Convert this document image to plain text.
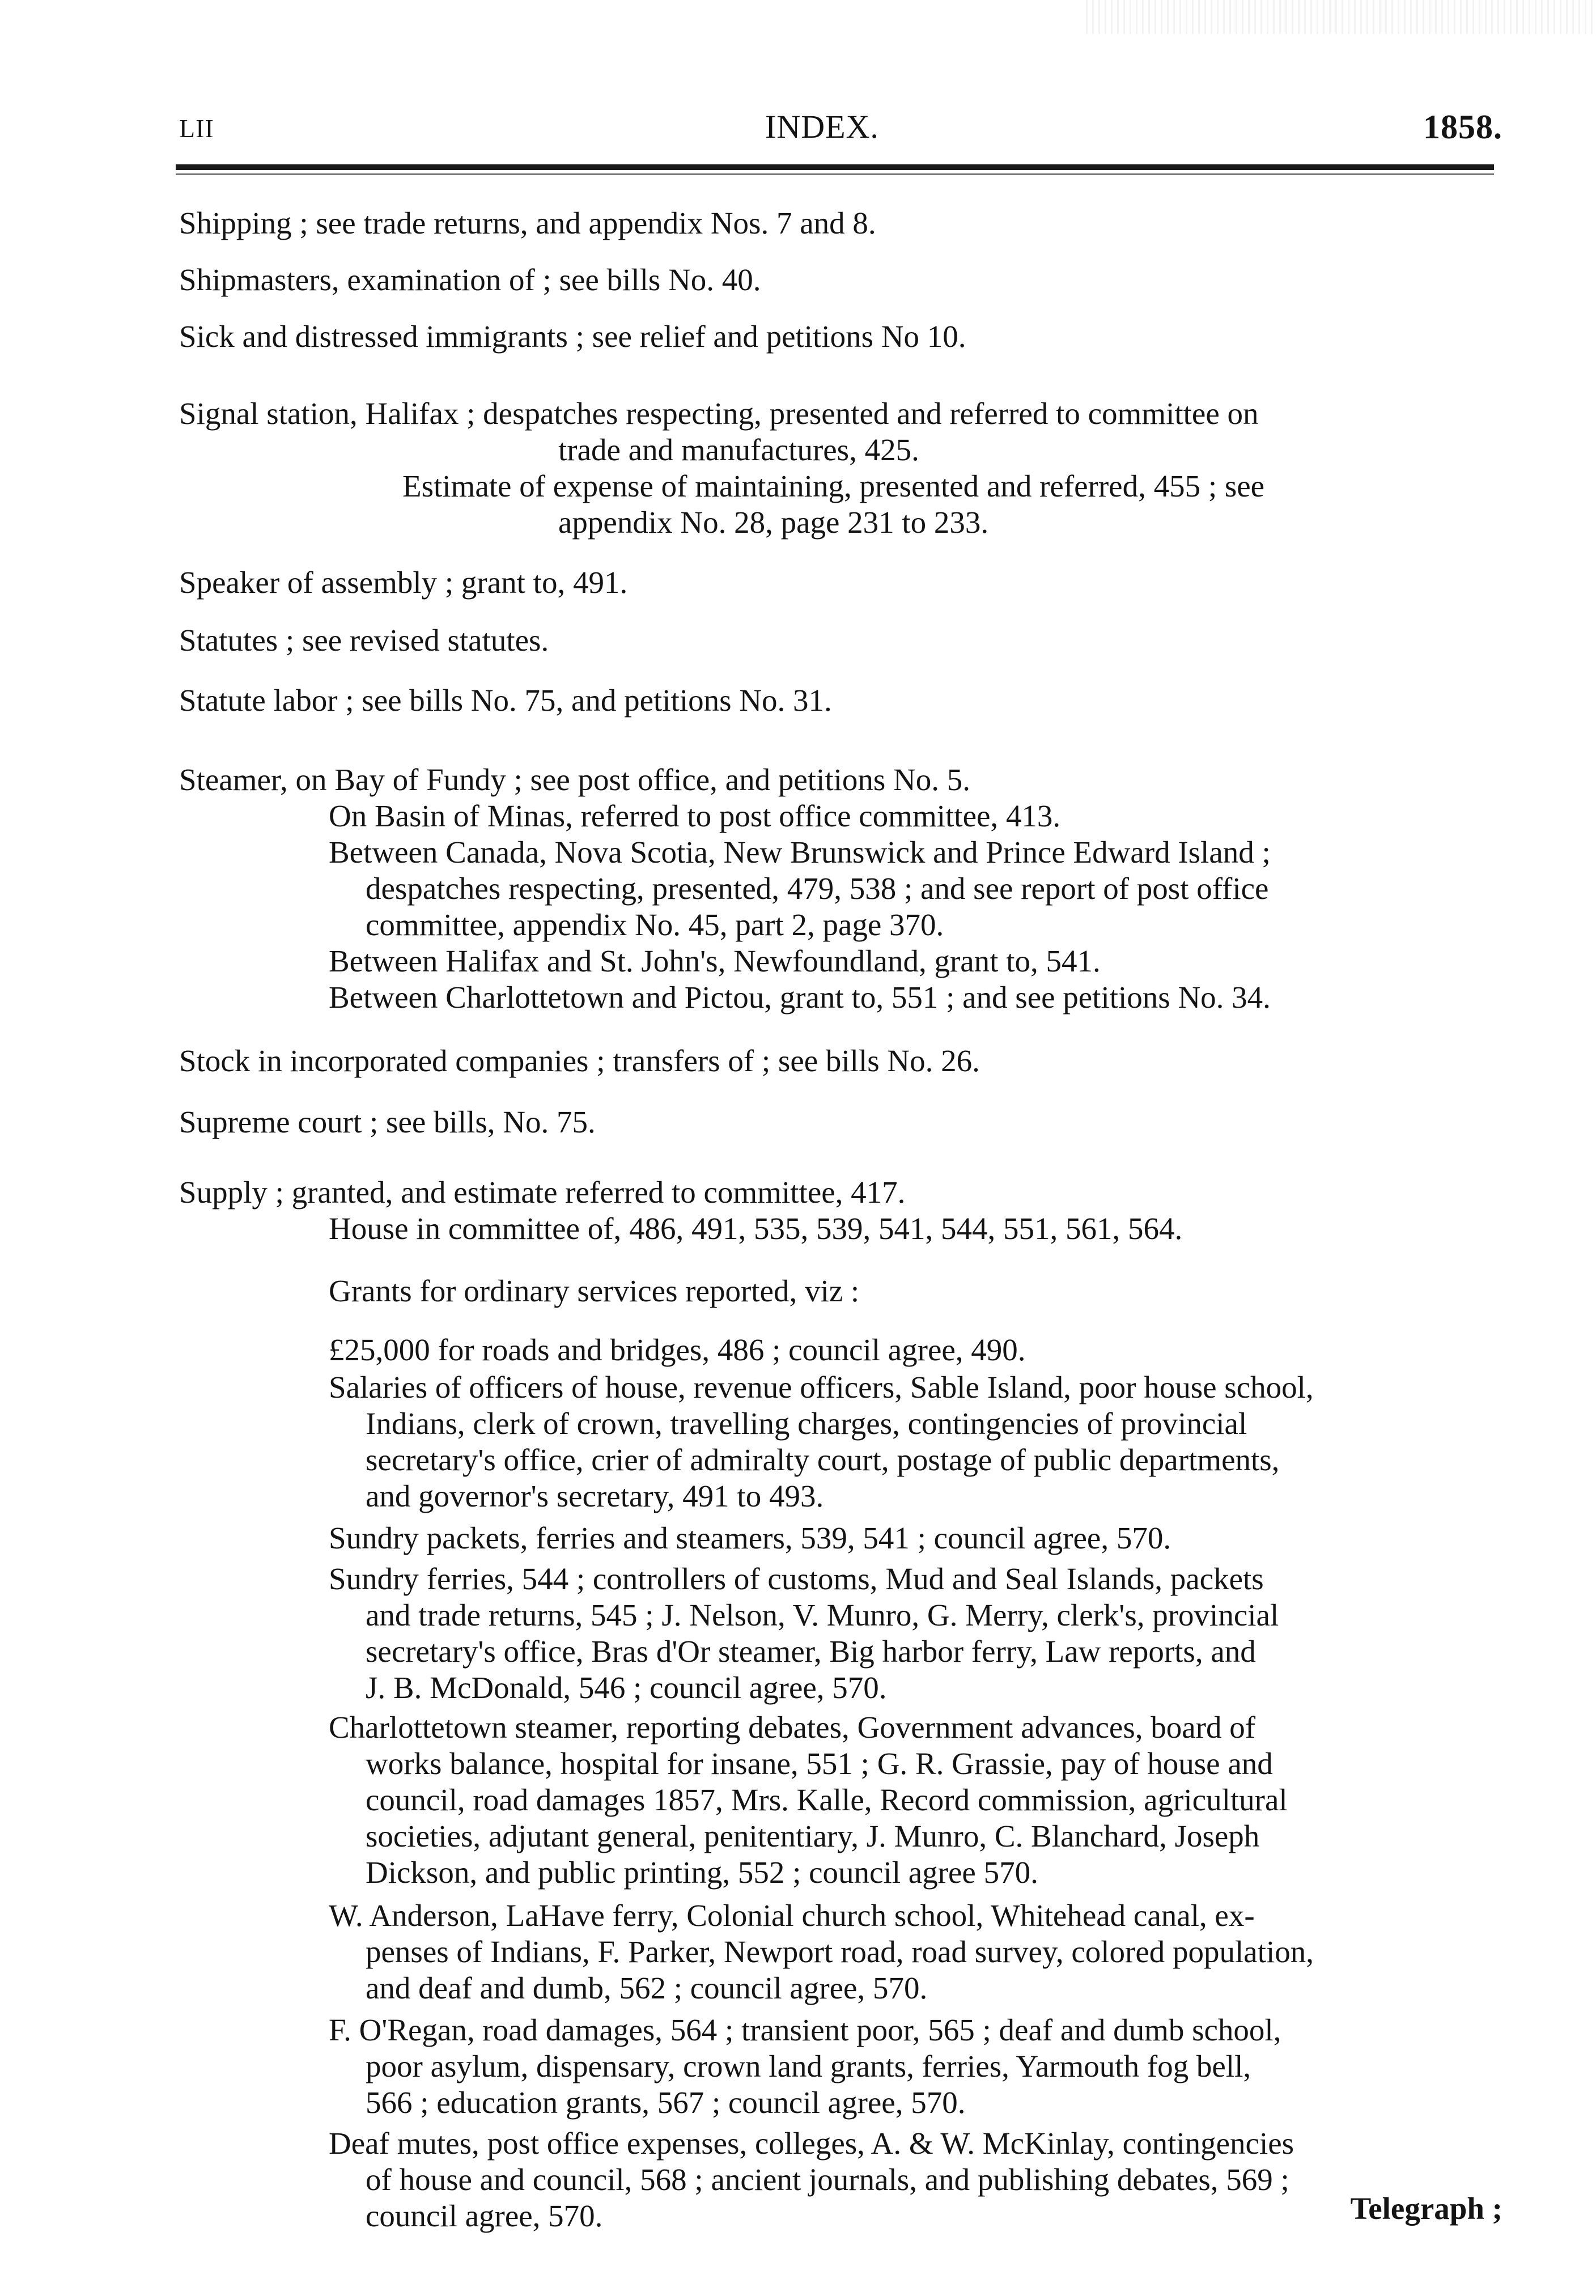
LII	INDEX.	1858.
Shipping ; see trade returns, and appendix Nos. 7 and 8.
Shipmasters, examination of ; see bills No. 40.
Sick and distressed immigrants ; see relief and petitions No 10.
Signal station, Halifax ; despatches respecting, presented and referred to committee on
trade and manufactures, 425.
Estimate of expense of maintaining, presented and referred, 455 ; see
appendix No. 28, page 231 to 233.
Speaker of assembly ; grant to, 491.
Statutes ; see revised statutes.
Statute labor ; see bills No. 75, and petitions No. 31.
Steamer, on Bay of Fundy ; see post office, and petitions No. 5.
On Basin of Minas, referred to post office committee, 413.
Between Canada, Nova Scotia, New Brunswick and Prince Edward Island ;
despatches respecting, presented, 479, 538 ; and see report of post office
committee, appendix No. 45, part 2, page 370.
Between Halifax and St. John's, Newfoundland, grant to, 541.
Between Charlottetown and Pictou, grant to, 551 ; and see petitions No. 34.
Stock in incorporated companies ; transfers of ; see bills No. 26.
Supreme court ; see bills, No. 75.
Supply ; granted, and estimate referred to committee, 417.
House in committee of, 486, 491, 535, 539, 541, 544, 551, 561, 564.
Grants for ordinary services reported, viz :
£25,000 for roads and bridges, 486 ; council agree, 490.
Salaries of officers of house, revenue officers, Sable Island, poor house school,
Indians, clerk of crown, travelling charges, contingencies of provincial
secretary's office, crier of admiralty court, postage of public departments,
and governor's secretary, 491 to 493.
Sundry packets, ferries and steamers, 539, 541 ; council agree, 570.
Sundry ferries, 544 ; controllers of customs, Mud and Seal Islands, packets
and trade returns, 545 ; J. Nelson, V. Munro, G. Merry, clerk's, provincial
secretary's office, Bras d'Or steamer, Big harbor ferry, Law reports, and
J. B. McDonald, 546 ; council agree, 570.
Charlottetown steamer, reporting debates, Government advances, board of
works balance, hospital for insane, 551 ; G. R. Grassie, pay of house and
council, road damages 1857, Mrs. Kalle, Record commission, agricultural
societies, adjutant general, penitentiary, J. Munro, C. Blanchard, Joseph
Dickson, and public printing, 552 ; council agree 570.
W. Anderson, LaHave ferry, Colonial church school, Whitehead canal, ex-
penses of Indians, F. Parker, Newport road, road survey, colored population,
and deaf and dumb, 562 ; council agree, 570.
F. O'Regan, road damages, 564 ; transient poor, 565 ; deaf and dumb school,
poor asylum, dispensary, crown land grants, ferries, Yarmouth fog bell,
566 ; education grants, 567 ; council agree, 570.
Deaf mutes, post office expenses, colleges, A. & W. McKinlay, contingencies
of house and council, 568 ; ancient journals, and publishing debates, 569 ;
council agree, 570.	Telegraph ;
